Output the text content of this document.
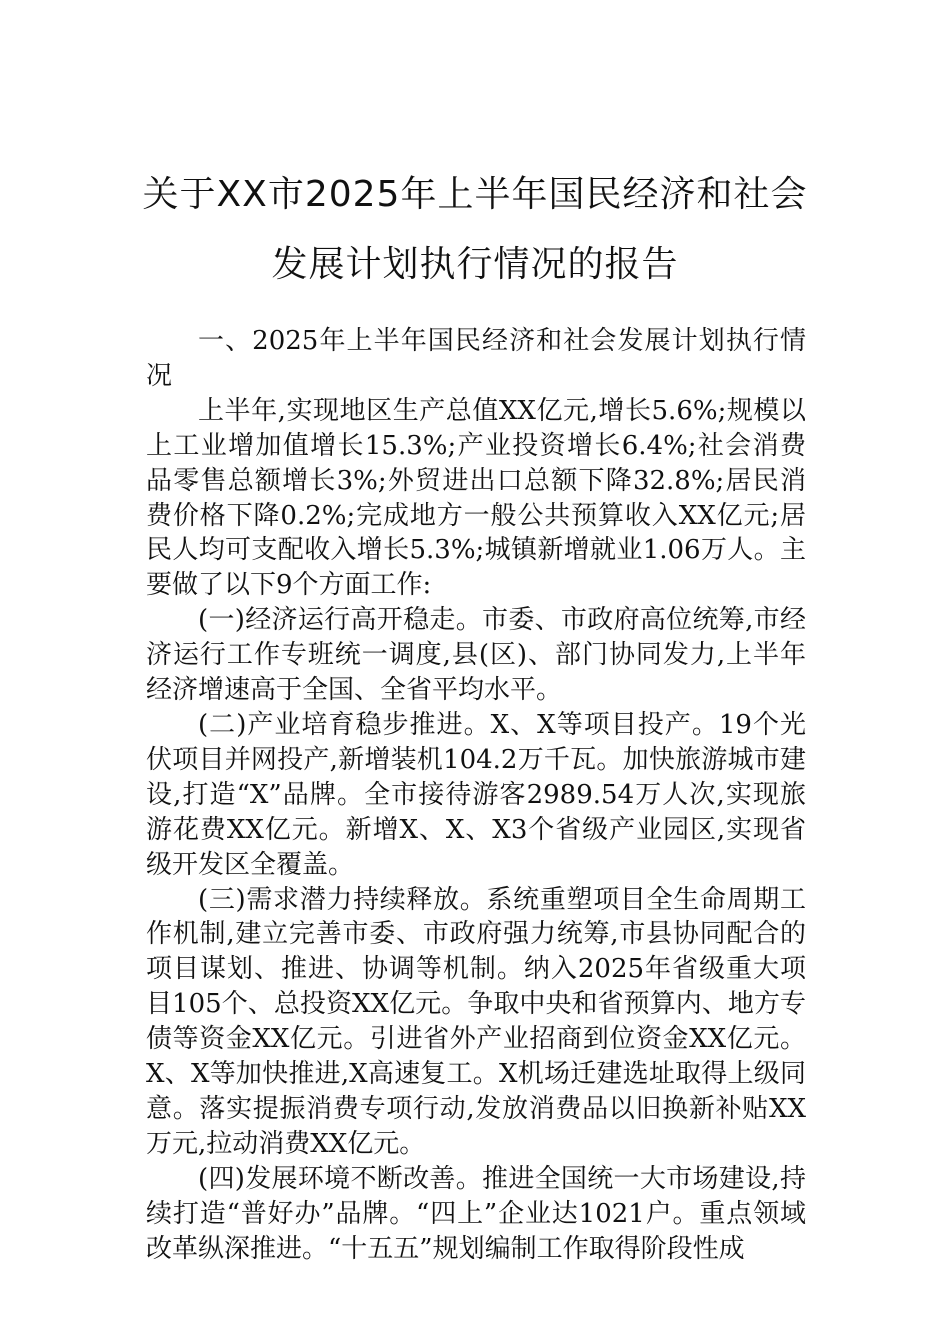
关于XX市2025年上半年国民经济和社会
发展计划执行情况的报告

一、2025年上半年国民经济和社会发展计划执行情况

上半年,实现地区生产总值XX亿元,增长5.6%;规模以上工业增加值增长15.3%;产业投资增长6.4%;社会消费品零售总额增长3%;外贸进出口总额下降32.8%;居民消费价格下降0.2%;完成地方一般公共预算收入XX亿元;居民人均可支配收入增长5.3%;城镇新增就业1.06万人。主要做了以下9个方面工作:

(一)经济运行高开稳走。市委、市政府高位统筹,市经济运行工作专班统一调度,县(区)、部门协同发力,上半年经济增速高于全国、全省平均水平。

(二)产业培育稳步推进。X、X等项目投产。19个光伏项目并网投产,新增装机104.2万千瓦。加快旅游城市建设,打造“X”品牌。全市接待游客2989.54万人次,实现旅游花费XX亿元。新增X、X、X3个省级产业园区,实现省级开发区全覆盖。

(三)需求潜力持续释放。系统重塑项目全生命周期工作机制,建立完善市委、市政府强力统筹,市县协同配合的项目谋划、推进、协调等机制。纳入2025年省级重大项目105个、总投资XX亿元。争取中央和省预算内、地方专债等资金XX亿元。引进省外产业招商到位资金XX亿元。X、X等加快推进,X高速复工。X机场迁建选址取得上级同意。落实提振消费专项行动,发放消费品以旧换新补贴XX万元,拉动消费XX亿元。

(四)发展环境不断改善。推进全国统一大市场建设,持续打造“普好办”品牌。“四上”企业达1021户。重点领域改革纵深推进。“十五五”规划编制工作取得阶段性成
